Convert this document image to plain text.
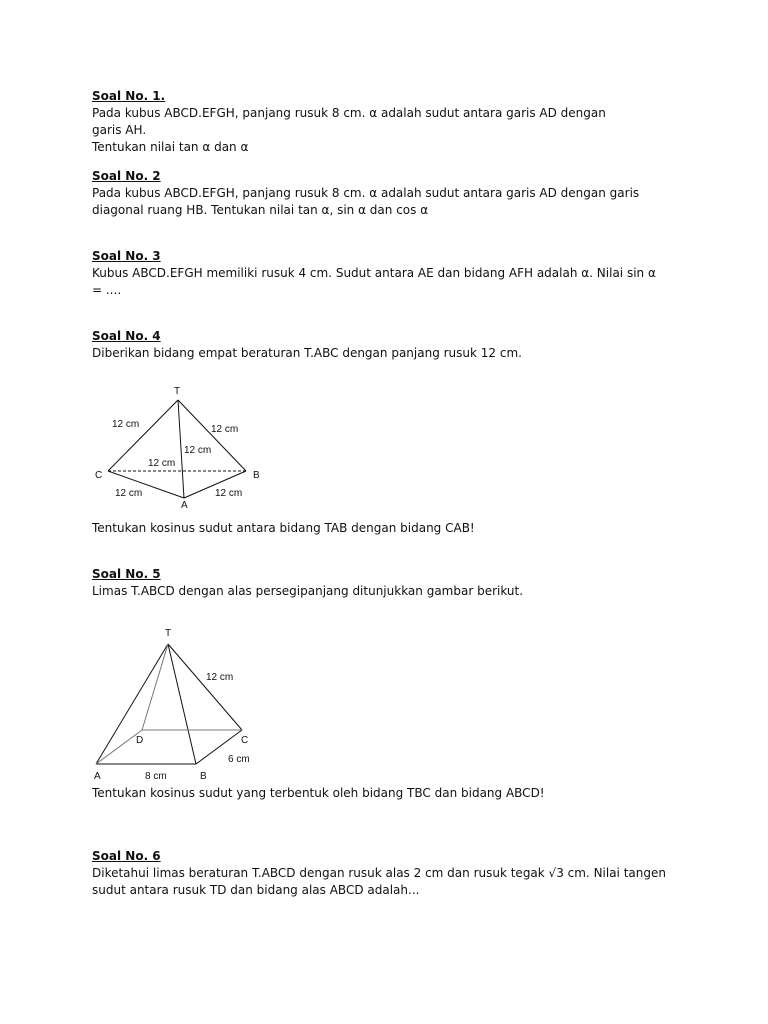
Soal No. 1.

Pada kubus ABCD.EFGH, panjang rusuk 8 cm. α adalah sudut antara garis AD dengan

garis AH.

Tentukan nilai tan α dan α

Soal No. 2

Pada kubus ABCD.EFGH, panjang rusuk 8 cm. α adalah sudut antara garis AD dengan garis

diagonal ruang HB. Tentukan nilai tan α, sin α dan cos α

Soal No. 3

Kubus ABCD.EFGH memiliki rusuk 4 cm. Sudut antara AE dan bidang AFH adalah α. Nilai sin α

= ....

Soal No. 4

Diberikan bidang empat beraturan T.ABC dengan panjang rusuk 12 cm.

T
C	B
12 cm	12 cm
12 cm
12 cm
12 cm	12 cm
A

Tentukan kosinus sudut antara bidang TAB dengan bidang CAB!

Soal No. 5

Limas T.ABCD dengan alas persegipanjang ditunjukkan gambar berikut.

T
D	C
A	B
12 cm
6 cm
8 cm

Tentukan kosinus sudut yang terbentuk oleh bidang TBC dan bidang ABCD!

Soal No. 6

Diketahui limas beraturan T.ABCD dengan rusuk alas 2 cm dan rusuk tegak √3 cm. Nilai tangen

sudut antara rusuk TD dan bidang alas ABCD adalah...
